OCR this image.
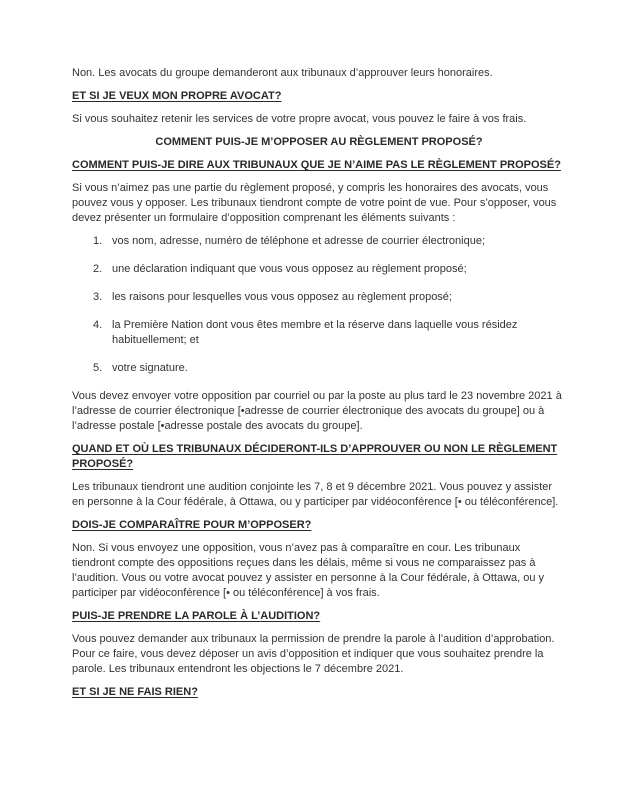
Non. Les avocats du groupe demanderont aux tribunaux d’approuver leurs honoraires.

ET SI JE VEUX MON PROPRE AVOCAT?

Si vous souhaitez retenir les services de votre propre avocat, vous pouvez le faire à vos frais.

COMMENT PUIS-JE M’OPPOSER AU RÈGLEMENT PROPOSÉ?
COMMENT PUIS-JE DIRE AUX TRIBUNAUX QUE JE N’AIME PAS LE RÈGLEMENT PROPOSÉ?

Si vous n’aimez pas une partie du règlement proposé, y compris les honoraires des avocats, vous pouvez vous y opposer. Les tribunaux tiendront compte de votre point de vue. Pour s’opposer, vous devez présenter un formulaire d’opposition comprenant les éléments suivants :

1. vos nom, adresse, numéro de téléphone et adresse de courrier électronique;
2. une déclaration indiquant que vous vous opposez au règlement proposé;
3. les raisons pour lesquelles vous vous opposez au règlement proposé;
4. la Première Nation dont vous êtes membre et la réserve dans laquelle vous résidez habituellement; et
5. votre signature.

Vous devez envoyer votre opposition par courriel ou par la poste au plus tard le 23 novembre 2021 à l’adresse de courrier électronique [•adresse de courrier électronique des avocats du groupe] ou à l’adresse postale [•adresse postale des avocats du groupe].

QUAND ET OÙ LES TRIBUNAUX DÉCIDERONT-ILS D’APPROUVER OU NON LE RÈGLEMENT PROPOSÉ?

Les tribunaux tiendront une audition conjointe les 7, 8 et 9 décembre 2021. Vous pouvez y assister en personne à la Cour fédérale, à Ottawa, ou y participer par vidéoconférence [• ou téléconférence].

DOIS-JE COMPARAÎTRE POUR M’OPPOSER?

Non. Si vous envoyez une opposition, vous n’avez pas à comparaître en cour. Les tribunaux tiendront compte des oppositions reçues dans les délais, même si vous ne comparaissez pas à l’audition. Vous ou votre avocat pouvez y assister en personne à la Cour fédérale, à Ottawa, ou y participer par vidéoconférence [• ou téléconférence] à vos frais.

PUIS-JE PRENDRE LA PAROLE À L’AUDITION?

Vous pouvez demander aux tribunaux la permission de prendre la parole à l’audition d’approbation. Pour ce faire, vous devez déposer un avis d’opposition et indiquer que vous souhaitez prendre la parole. Les tribunaux entendront les objections le 7 décembre 2021.

ET SI JE NE FAIS RIEN?
